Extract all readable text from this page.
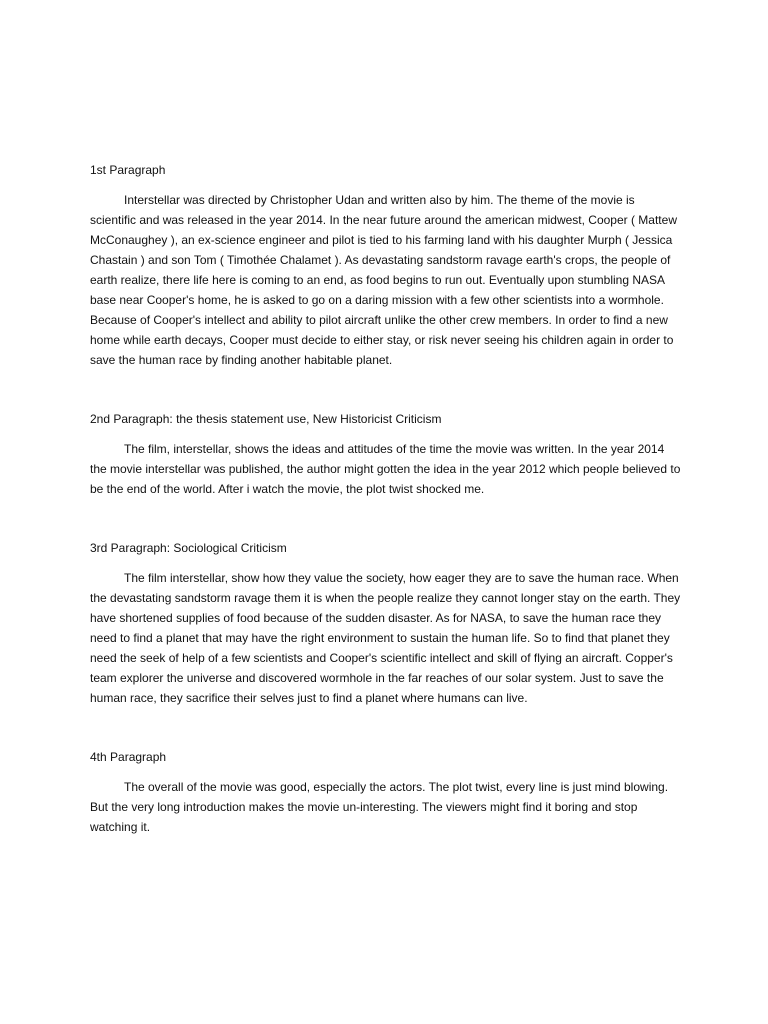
1st Paragraph

Interstellar was directed by Christopher Udan and written also by him. The theme of the movie is scientific and was released in the year 2014. In the near future around the american midwest, Cooper ( Mattew McConaughey ), an ex-science engineer and pilot is tied to his farming land with his daughter Murph ( Jessica Chastain ) and son Tom ( Timothée Chalamet ). As devastating sandstorm ravage earth's crops, the people of earth realize, there life here is coming to an end, as food begins to run out. Eventually upon stumbling NASA base near Cooper's home, he is asked to go on a daring mission with a few other scientists into a wormhole. Because of Cooper's intellect and ability to pilot aircraft unlike the other crew members. In order to find a new home while earth decays, Cooper must decide to either stay, or risk never seeing his children again in order to save the human race by finding another habitable planet.

2nd Paragraph: the thesis statement use, New Historicist Criticism

The film, interstellar, shows the ideas and attitudes of the time the movie was written. In the year 2014 the movie interstellar was published, the author might gotten the idea in the year 2012 which people believed to be the end of the world. After i watch the movie, the plot twist shocked me.

3rd Paragraph: Sociological Criticism

The film interstellar, show how they value the society, how eager they are to save the human race. When the devastating sandstorm ravage them it is when the people realize they cannot longer stay on the earth. They have shortened supplies of food because of the sudden disaster. As for NASA, to save the human race they need to find a planet that may have the right environment to sustain the human life. So to find that planet they need the seek of help of a few scientists and Cooper's scientific intellect and skill of flying an aircraft. Copper's team explorer the universe and discovered wormhole in the far reaches of our solar system. Just to save the human race, they sacrifice their selves just to find a planet where humans can live.

4th Paragraph

The overall of the movie was good, especially the actors. The plot twist, every line is just mind blowing. But the very long introduction makes the movie un-interesting. The viewers might find it boring and stop watching it.
